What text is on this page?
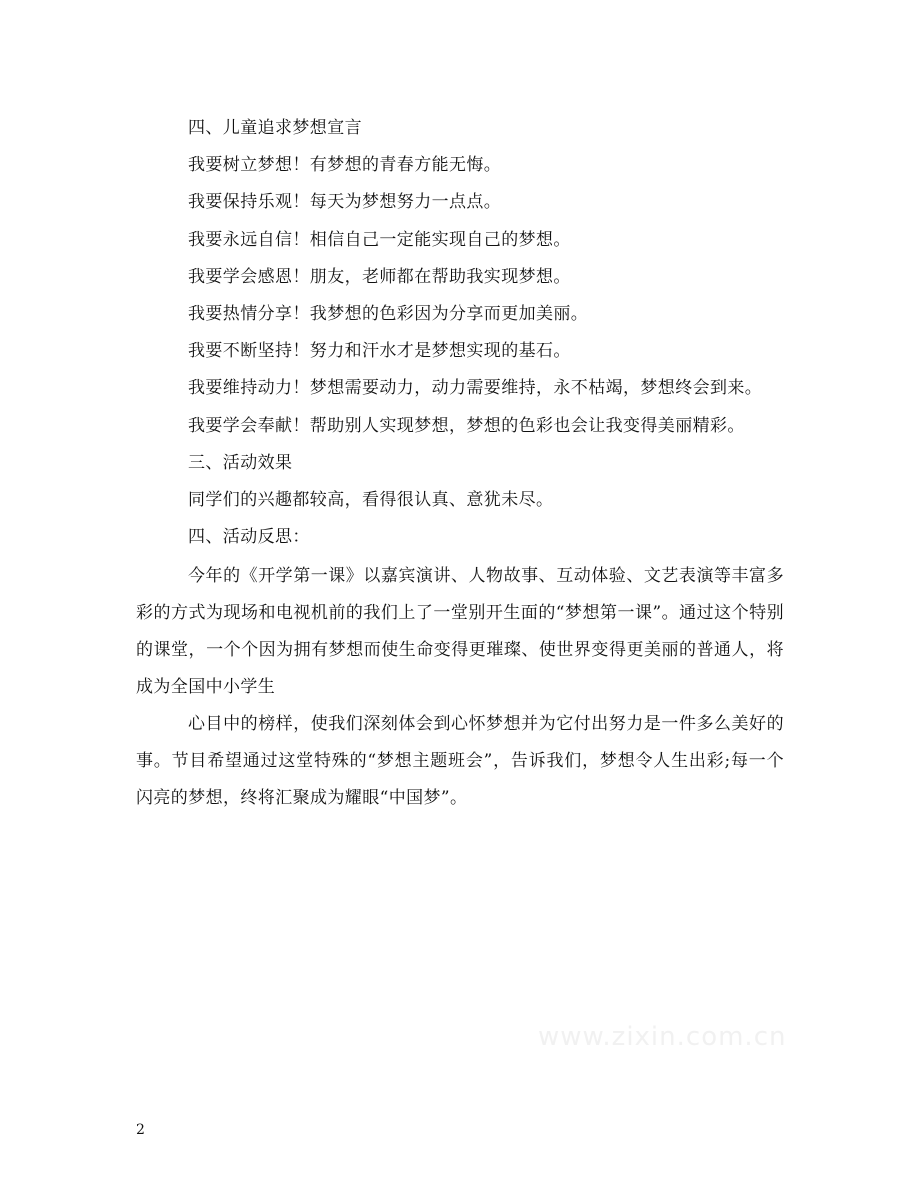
四、儿童追求梦想宣言
我要树立梦想！有梦想的青春方能无悔。
我要保持乐观！每天为梦想努力一点点。
我要永远自信！相信自己一定能实现自己的梦想。
我要学会感恩！朋友，老师都在帮助我实现梦想。
我要热情分享！我梦想的色彩因为分享而更加美丽。
我要不断坚持！努力和汗水才是梦想实现的基石。
我要维持动力！梦想需要动力，动力需要维持，永不枯竭，梦想终会到来。
我要学会奉献！帮助别人实现梦想，梦想的色彩也会让我变得美丽精彩。
三、活动效果
同学们的兴趣都较高，看得很认真、意犹未尽。
四、活动反思：

今年的《开学第一课》以嘉宾演讲、人物故事、互动体验、文艺表演等丰富多彩的方式为现场和电视机前的我们上了一堂别开生面的“梦想第一课”。通过这个特别的课堂，一个个因为拥有梦想而使生命变得更璀璨、使世界变得更美丽的普通人，将成为全国中小学生

心目中的榜样，使我们深刻体会到心怀梦想并为它付出努力是一件多么美好的事。节目希望通过这堂特殊的“梦想主题班会”，告诉我们，梦想令人生出彩;每一个闪亮的梦想，终将汇聚成为耀眼“中国梦”。

www.zixin.com.cn
2
